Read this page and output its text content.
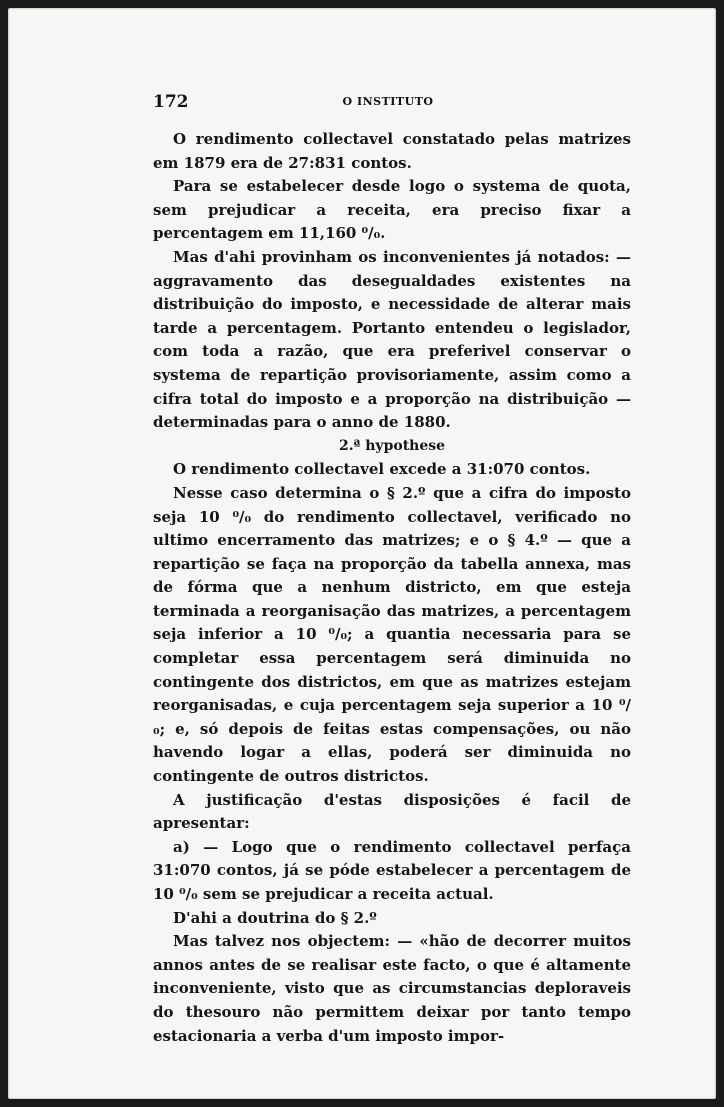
172	O INSTITUTO

O rendimento collectavel constatado pelas matrizes em 1879 era de 27:831 contos.

Para se estabelecer desde logo o systema de quota, sem prejudicar a receita, era preciso fixar a percentagem em 11,160 ⁰/₀.

Mas d'ahi provinham os inconvenientes já notados: — aggravamento das desegualdades existentes na distribuição do imposto, e necessidade de alterar mais tarde a percentagem. Portanto entendeu o legislador, com toda a razão, que era preferivel conservar o systema de repartição provisoriamente, assim como a cifra total do imposto e a proporção na distribuição — determinadas para o anno de 1880.

2.ª hypothese

O rendimento collectavel excede a 31:070 contos.

Nesse caso determina o § 2.º que a cifra do imposto seja 10 ⁰/₀ do rendimento collectavel, verificado no ultimo encerramento das matrizes; e o § 4.º — que a repartição se faça na proporção da tabella annexa, mas de fórma que a nenhum districto, em que esteja terminada a reorganisação das matrizes, a percentagem seja inferior a 10 ⁰/₀; a quantia necessaria para se completar essa percentagem será diminuida no contingente dos districtos, em que as matrizes estejam reorganisadas, e cuja percentagem seja superior a 10 ⁰/₀; e, só depois de feitas estas compensações, ou não havendo logar a ellas, poderá ser diminuida no contingente de outros districtos.

A justificação d'estas disposições é facil de apresentar:

a) — Logo que o rendimento collectavel perfaça 31:070 contos, já se póde estabelecer a percentagem de 10 ⁰/₀ sem se prejudicar a receita actual.

D'ahi a doutrina do § 2.º

Mas talvez nos objectem: — «hão de decorrer muitos annos antes de se realisar este facto, o que é altamente inconveniente, visto que as circumstancias deploraveis do thesouro não permittem deixar por tanto tempo estacionaria a verba d'um imposto impor-
